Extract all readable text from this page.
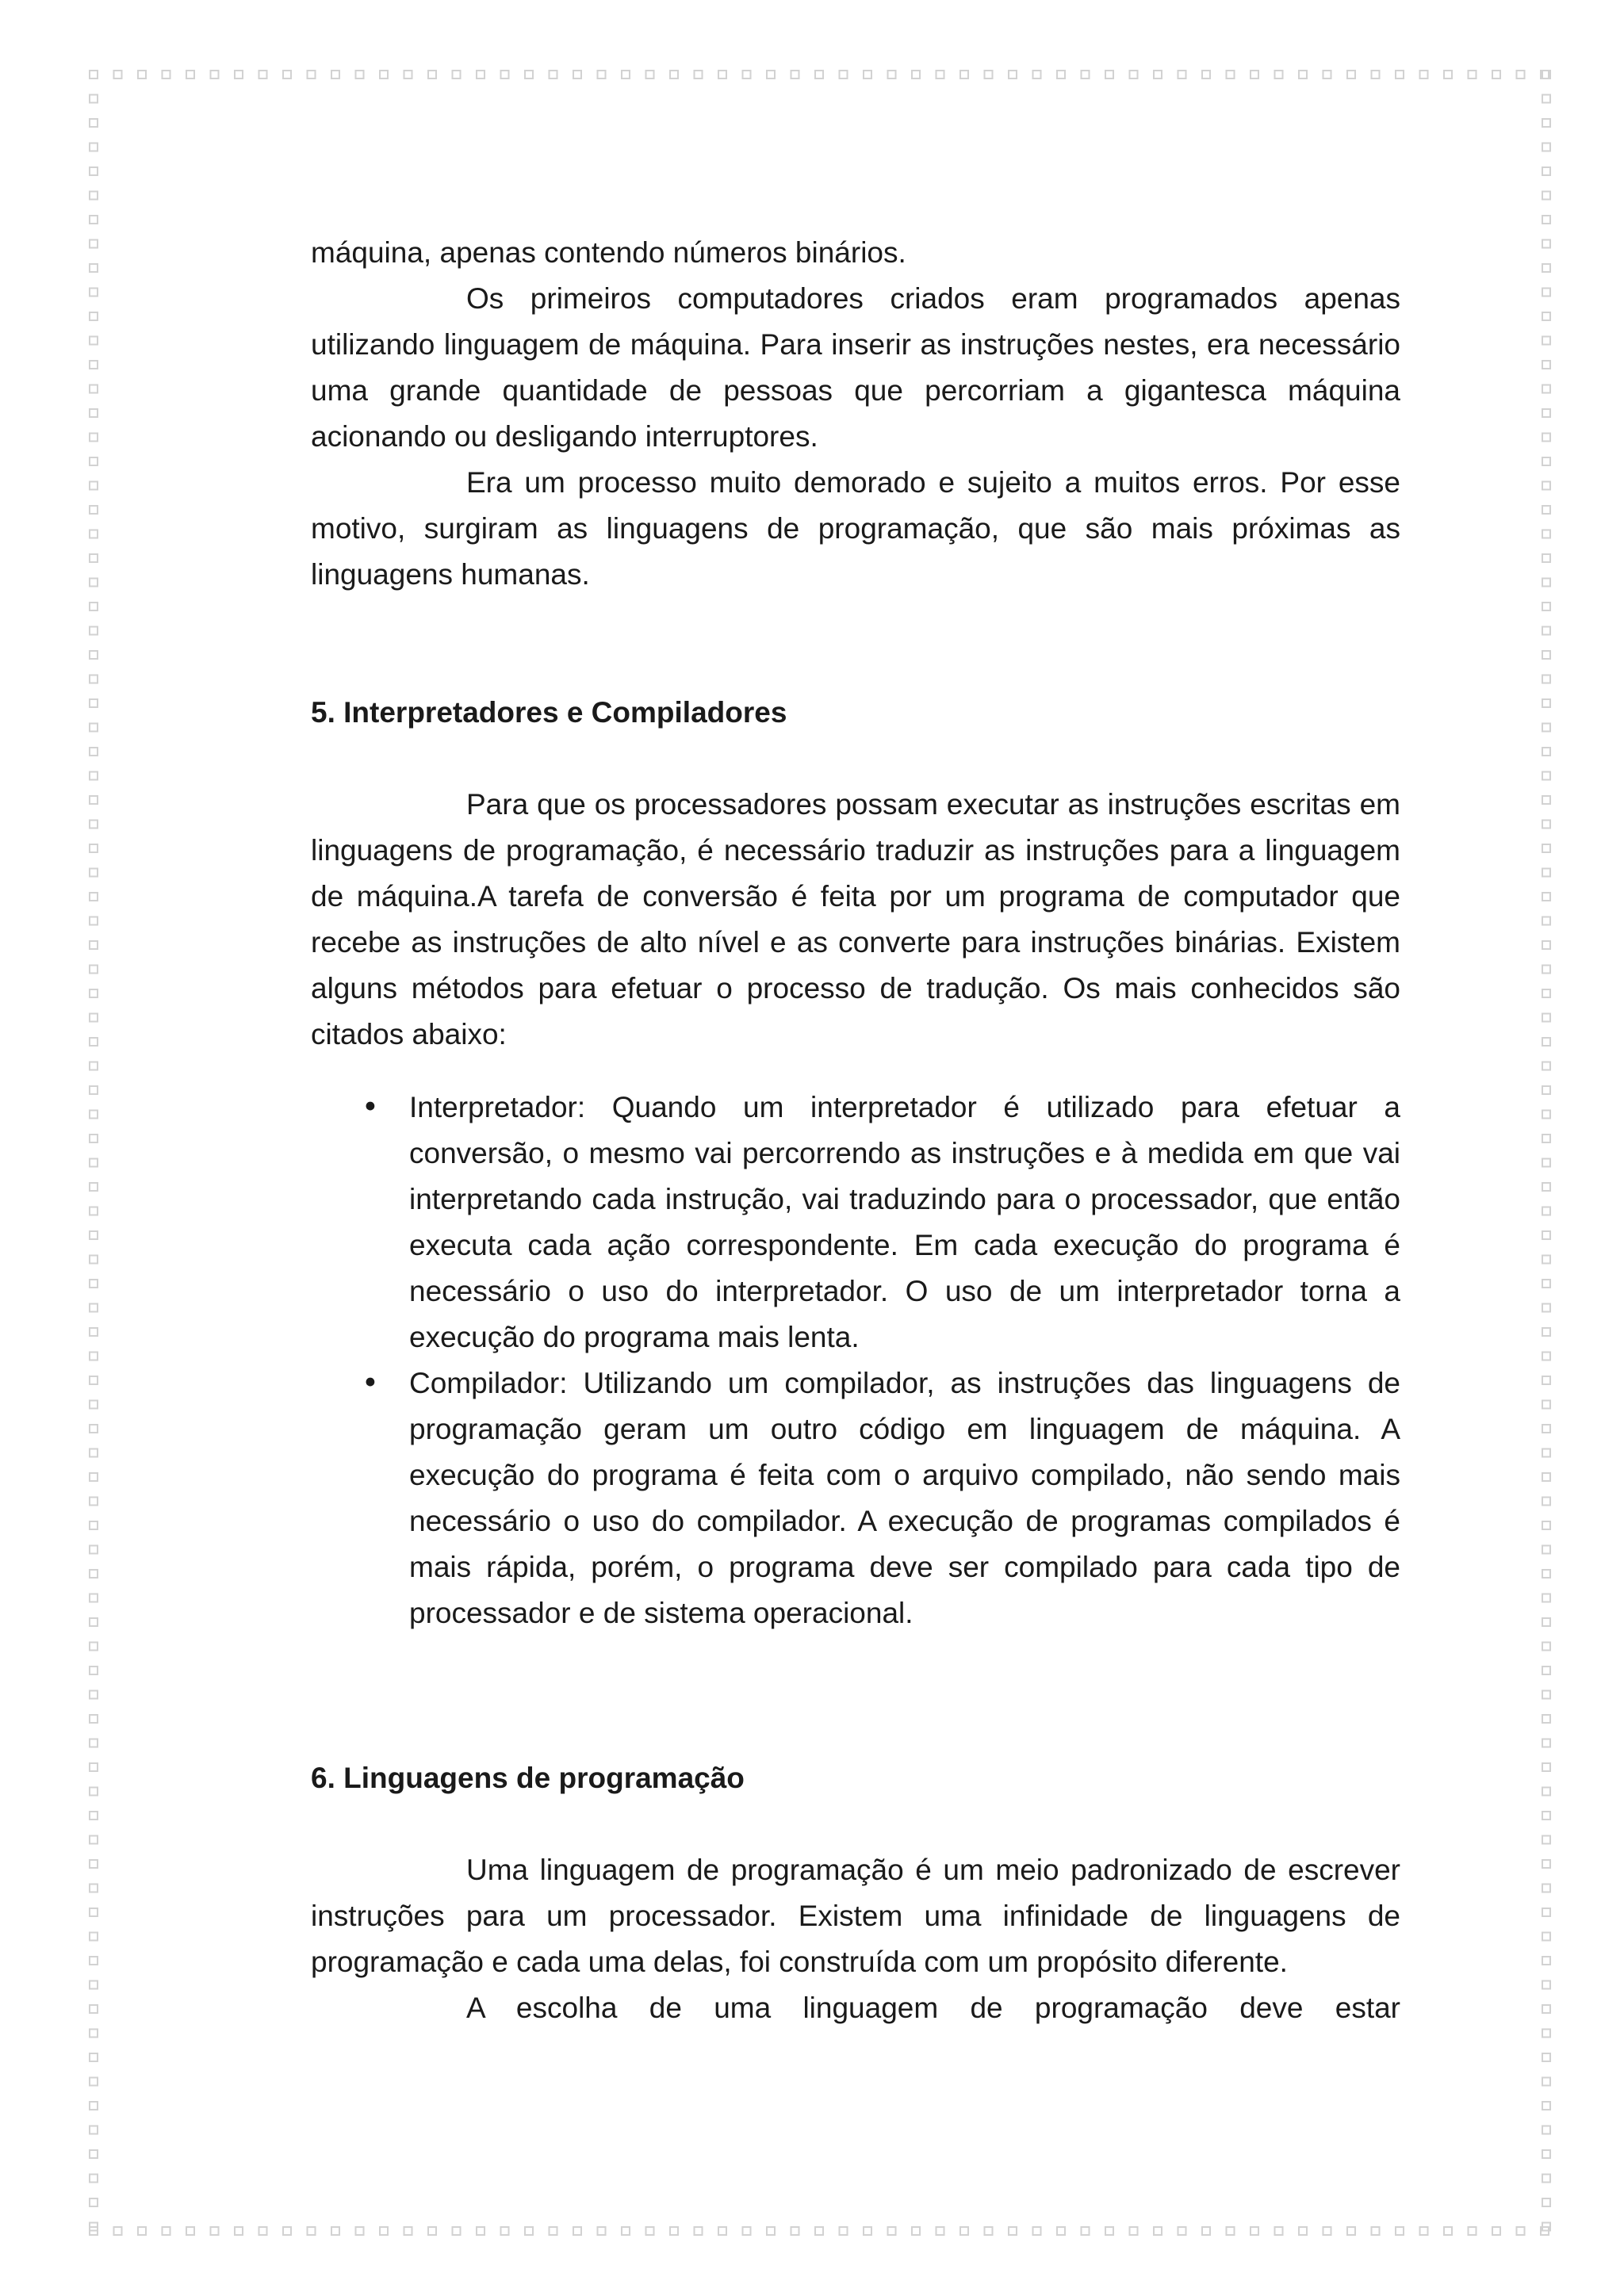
máquina, apenas contendo números binários.

Os primeiros computadores criados eram programados apenas utilizando linguagem de máquina. Para inserir as instruções nestes, era necessário uma grande quantidade de pessoas que percorriam a gigantesca máquina acionando ou desligando interruptores.

Era um processo muito demorado e sujeito a muitos erros. Por esse motivo, surgiram as linguagens de programação, que são mais próximas as linguagens humanas.

5. Interpretadores e Compiladores

Para que os processadores possam executar as instruções escritas em linguagens de programação, é necessário traduzir as instruções para a linguagem de máquina.A tarefa de conversão é feita por um programa de computador que recebe as instruções de alto nível e as converte para instruções binárias. Existem alguns métodos para efetuar o processo de tradução. Os mais conhecidos são citados abaixo:

• Interpretador: Quando um interpretador é utilizado para efetuar a conversão, o mesmo vai percorrendo as instruções e à medida em que vai interpretando cada instrução, vai traduzindo para o processador, que então executa cada ação correspondente. Em cada execução do programa é necessário o uso do interpretador. O uso de um interpretador torna a execução do programa mais lenta.
• Compilador: Utilizando um compilador, as instruções das linguagens de programação geram um outro código em linguagem de máquina. A execução do programa é feita com o arquivo compilado, não sendo mais necessário o uso do compilador. A execução de programas compilados é mais rápida, porém, o programa deve ser compilado para cada tipo de processador e de sistema operacional.
6. Linguagens de programação

Uma linguagem de programação é um meio padronizado de escrever instruções para um processador. Existem uma infinidade de linguagens de programação e cada uma delas, foi construída com um propósito diferente.

A escolha de uma linguagem de programação deve estar
